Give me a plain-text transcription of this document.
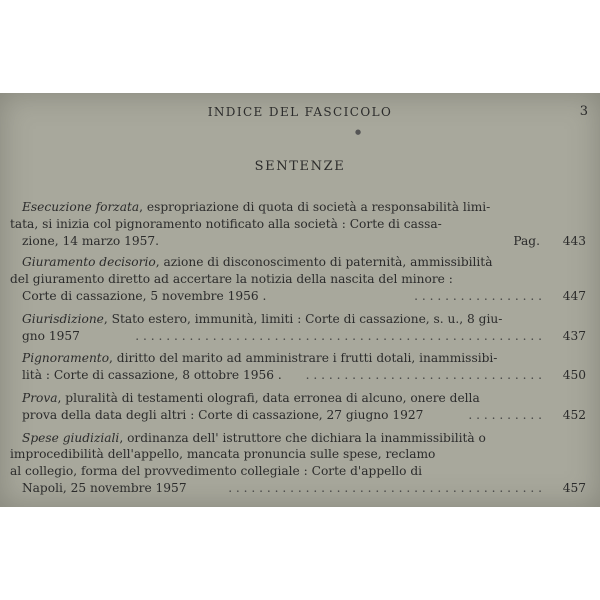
INDICE DEL FASCICOLO	3
●
SENTENZE
Esecuzione forzata, espropriazione di quota di società a responsabilità limi-
tata, si inizia col pignoramento notificato alla società : Corte di cassa-
zione, 14 marzo 1957.	Pag.	443
Giuramento decisorio, azione di disconoscimento di paternità, ammissibilità
del giuramento diretto ad accertare la notizia della nascita del minore :
Corte di cassazione, 5 novembre 1956 .	. . . . . . . . . . . . . . . . .	447
Giurisdizione, Stato estero, immunità, limiti : Corte di cassazione, s. u., 8 giu-
gno 1957	. . . . . . . . . . . . . . . . . . . . . . . . . . . . . . . . . . . . . . . . . . . . . . . . . . . . .	437
Pignoramento, diritto del marito ad amministrare i frutti dotali, inammissibi-
lità : Corte di cassazione, 8 ottobre 1956 .	. . . . . . . . . . . . . . . . . . . . . . . . . . . . . . .	450
Prova, pluralità di testamenti olografi, data erronea di alcuno, onere della
prova della data degli altri : Corte di cassazione, 27 giugno 1927	. . . . . . . . . .	452
Spese giudiziali, ordinanza dell' istruttore che dichiara la inammissibilità o
improcedibilità dell'appello, mancata pronuncia sulle spese, reclamo
al collegio, forma del provvedimento collegiale : Corte d'appello di
Napoli, 25 novembre 1957	. . . . . . . . . . . . . . . . . . . . . . . . . . . . . . . . . . . . . . . . .	457
